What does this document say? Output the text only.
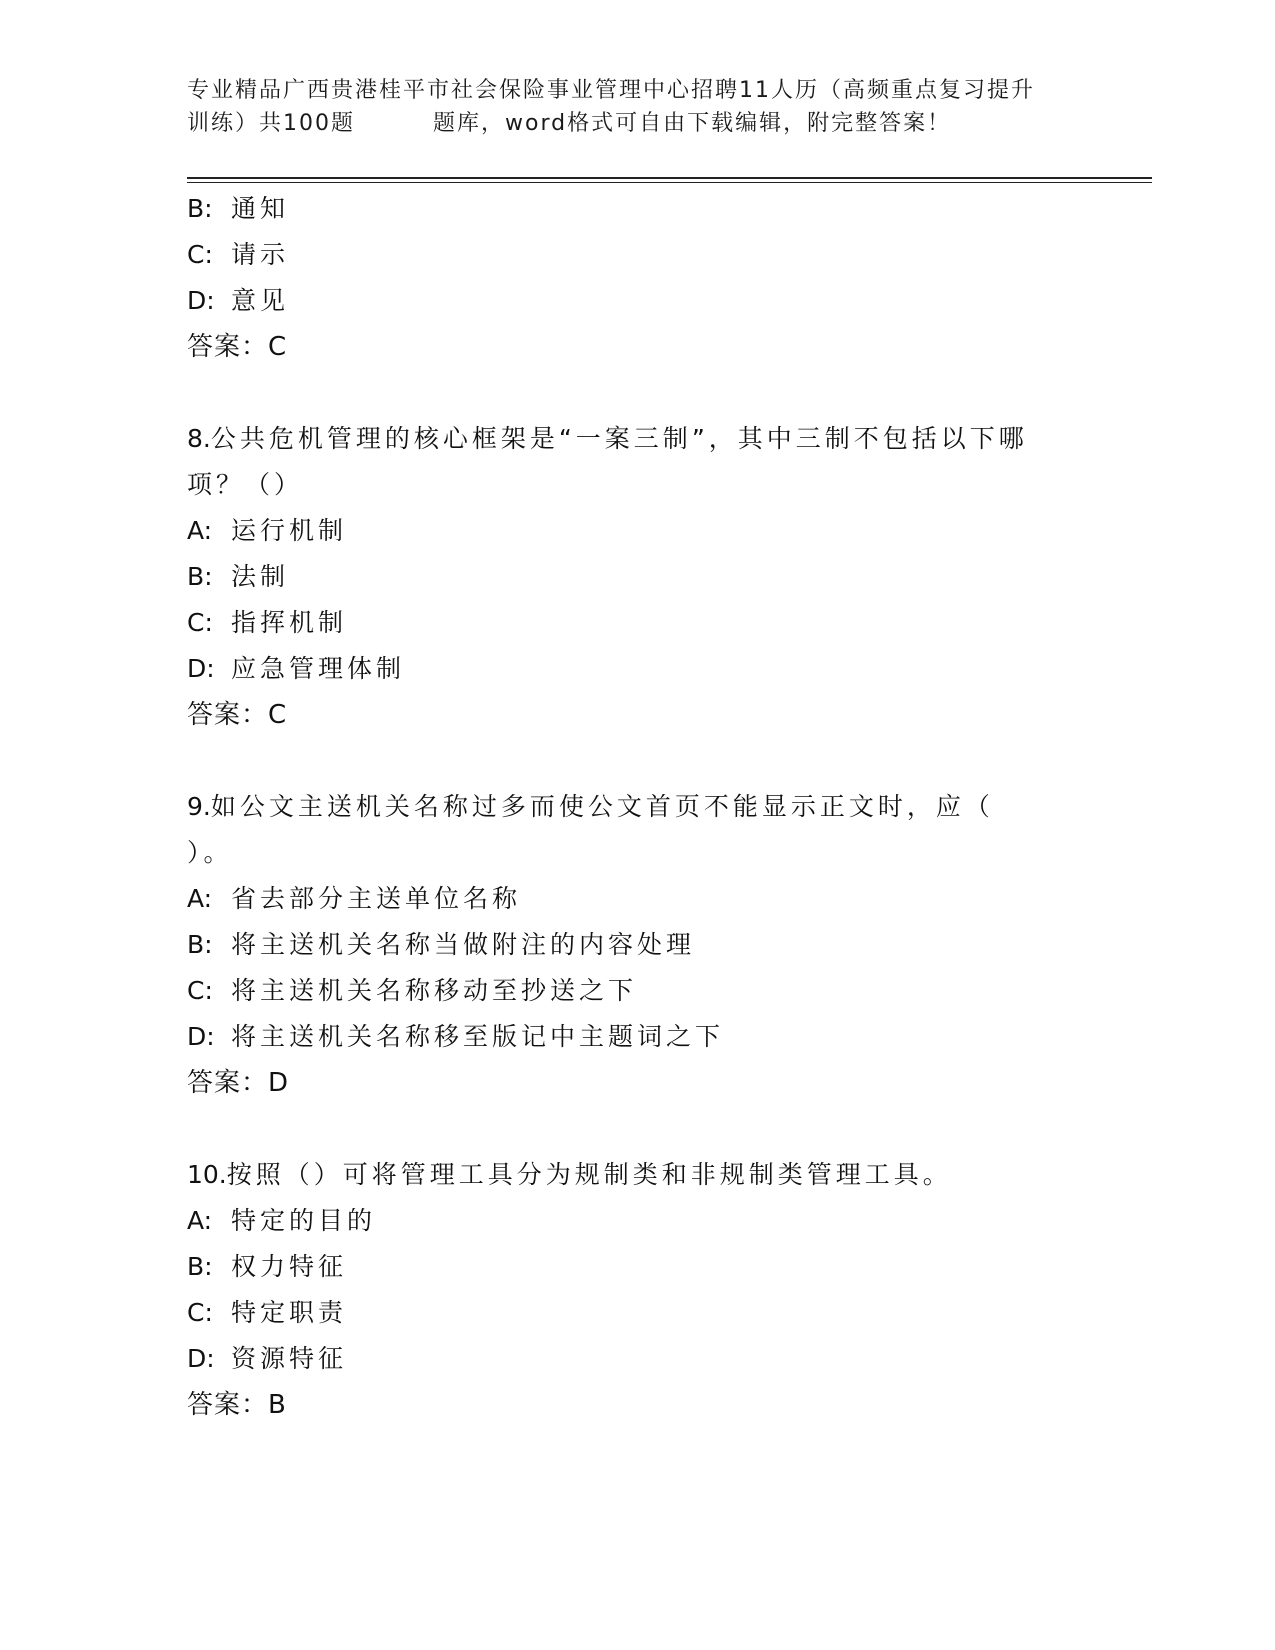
专业精品广西贵港桂平市社会保险事业管理中心招聘11人历（高频重点复习提升
训练）共100题	题库，word格式可自由下载编辑，附完整答案！
B: 通知
C: 请示
D: 意见
答案：C
8.公共危机管理的核心框架是“一案三制”，其中三制不包括以下哪
项？（）
A: 运行机制
B: 法制
C: 指挥机制
D: 应急管理体制
答案：C
9.如公文主送机关名称过多而使公文首页不能显示正文时，应（
）。
A: 省去部分主送单位名称
B: 将主送机关名称当做附注的内容处理
C: 将主送机关名称移动至抄送之下
D: 将主送机关名称移至版记中主题词之下
答案：D
10.按照（）可将管理工具分为规制类和非规制类管理工具。
A: 特定的目的
B: 权力特征
C: 特定职责
D: 资源特征
答案：B
